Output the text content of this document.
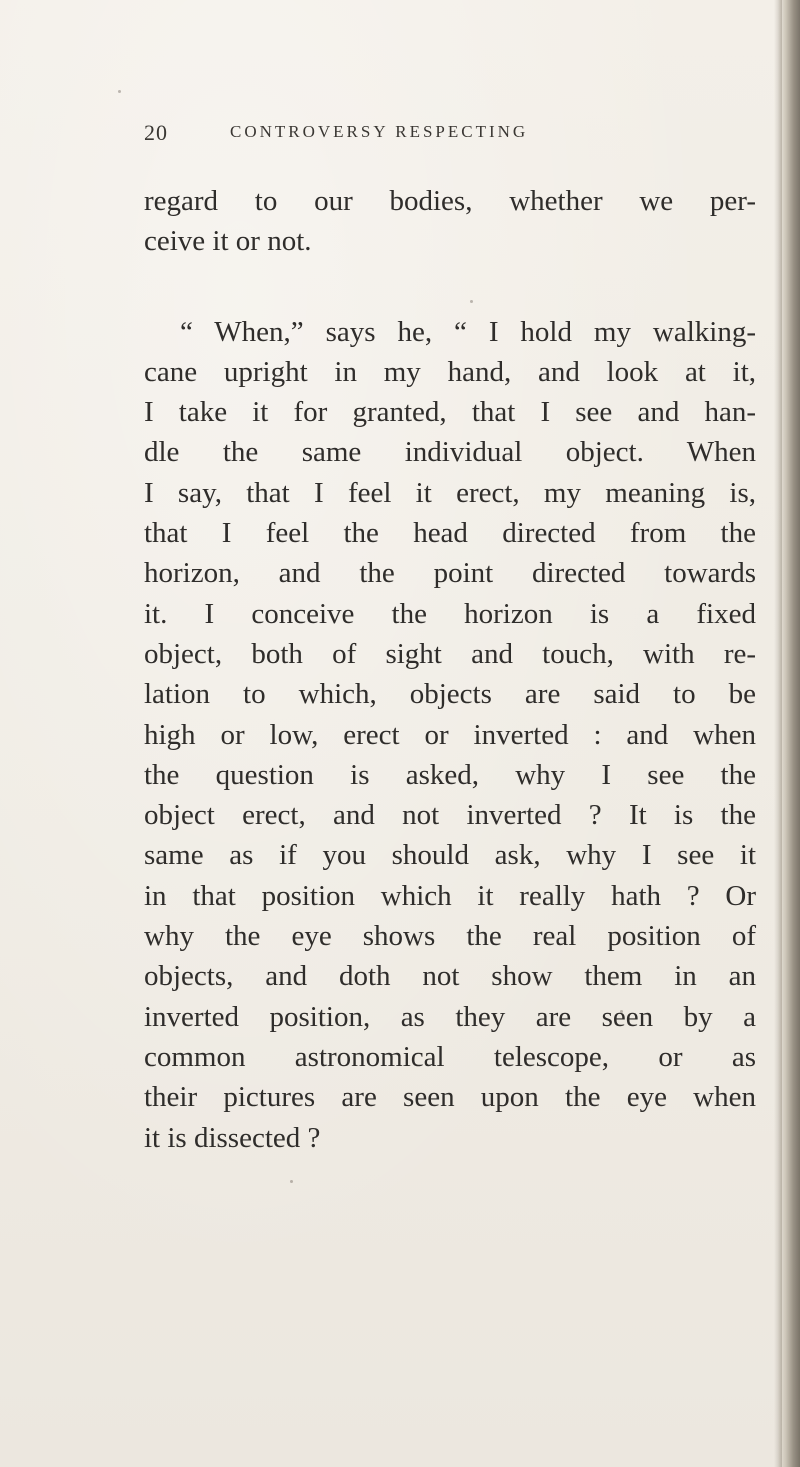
20	CONTROVERSY RESPECTING
regard to our bodies, whether we per-
ceive it or not.
“ When,” says he, “ I hold my walking-
cane upright in my hand, and look at it,
I take it for granted, that I see and han-
dle the same individual object. When
I say, that I feel it erect, my meaning is,
that I feel the head directed from the
horizon, and the point directed towards
it. I conceive the horizon is a fixed
object, both of sight and touch, with re-
lation to which, objects are said to be
high or low, erect or inverted : and when
the question is asked, why I see the
object erect, and not inverted ? It is the
same as if you should ask, why I see it
in that position which it really hath ? Or
why the eye shows the real position of
objects, and doth not show them in an
inverted position, as they are seen by a
common astronomical telescope, or as
their pictures are seen upon the eye when
it is dissected ?
